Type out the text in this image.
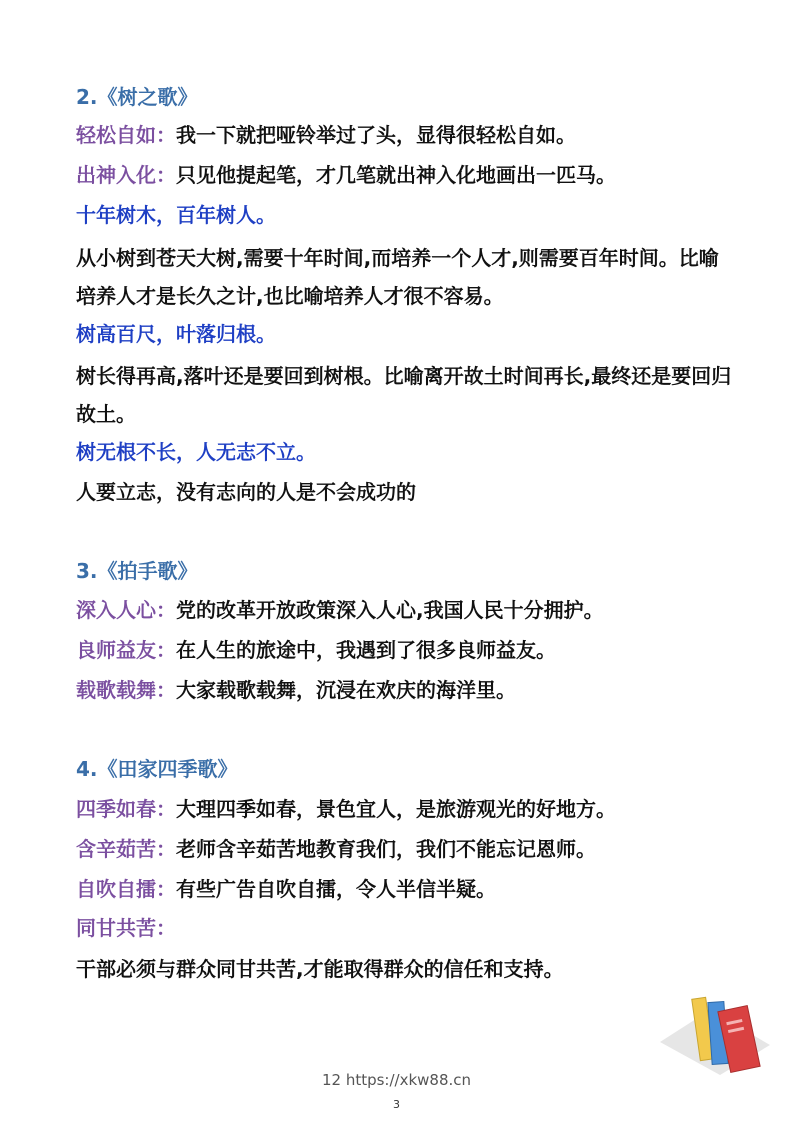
2.《树之歌》
轻松自如：我一下就把哑铃举过了头，显得很轻松自如。
出神入化：只见他提起笔，才几笔就出神入化地画出一匹马。
十年树木，百年树人。
从小树到苍天大树,需要十年时间,而培养一个人才,则需要百年时间。比喻培养人才是长久之计,也比喻培养人才很不容易。
树高百尺，叶落归根。
树长得再高,落叶还是要回到树根。比喻离开故土时间再长,最终还是要回归故土。
树无根不长，人无志不立。
人要立志，没有志向的人是不会成功的
3.《拍手歌》
深入人心：党的改革开放政策深入人心,我国人民十分拥护。
良师益友：在人生的旅途中，我遇到了很多良师益友。
载歌载舞：大家载歌载舞，沉浸在欢庆的海洋里。
4.《田家四季歌》
四季如春：大理四季如春，景色宜人，是旅游观光的好地方。
含辛茹苦：老师含辛茹苦地教育我们，我们不能忘记恩师。
自吹自擂：有些广告自吹自擂，令人半信半疑。
同甘共苦：
干部必须与群众同甘共苦,才能取得群众的信任和支持。
12 https://xkw88.cn
3
